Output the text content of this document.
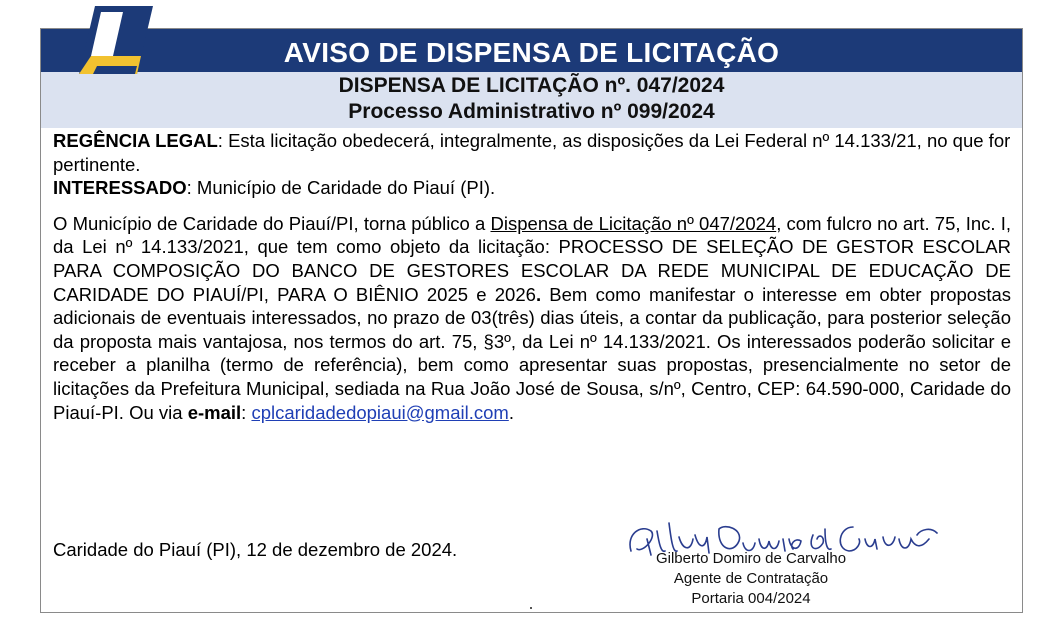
AVISO DE DISPENSA DE LICITAÇÃO
DISPENSA DE LICITAÇÃO nº. 047/2024
Processo Administrativo nº 099/2024

REGÊNCIA LEGAL: Esta licitação obedecerá, integralmente, as disposições da Lei Federal nº 14.133/21, no que for pertinente.

INTERESSADO: Município de Caridade do Piauí (PI).

O Município de Caridade do Piauí/PI, torna público a Dispensa de Licitação nº 047/2024, com fulcro no art. 75, Inc. I, da Lei nº 14.133/2021, que tem como objeto da licitação: PROCESSO DE SELEÇÃO DE GESTOR ESCOLAR PARA COMPOSIÇÃO DO BANCO DE GESTORES ESCOLAR DA REDE MUNICIPAL DE EDUCAÇÃO DE CARIDADE DO PIAUÍ/PI, PARA O BIÊNIO 2025 e 2026. Bem como manifestar o interesse em obter propostas adicionais de eventuais interessados, no prazo de 03(três) dias úteis, a contar da publicação, para posterior seleção da proposta mais vantajosa, nos termos do art. 75, §3º, da Lei nº 14.133/2021. Os interessados poderão solicitar e receber a planilha (termo de referência), bem como apresentar suas propostas, presencialmente no setor de licitações da Prefeitura Municipal, sediada na Rua João José de Sousa, s/nº, Centro, CEP: 64.590-000, Caridade do Piauí-PI. Ou via e-mail: cplcaridadedopiaui@gmail.com.

Caridade do Piauí (PI), 12 de dezembro de 2024.	Gilberto Domiro de Carvalho
Agente de Contratação
Portaria 004/2024
